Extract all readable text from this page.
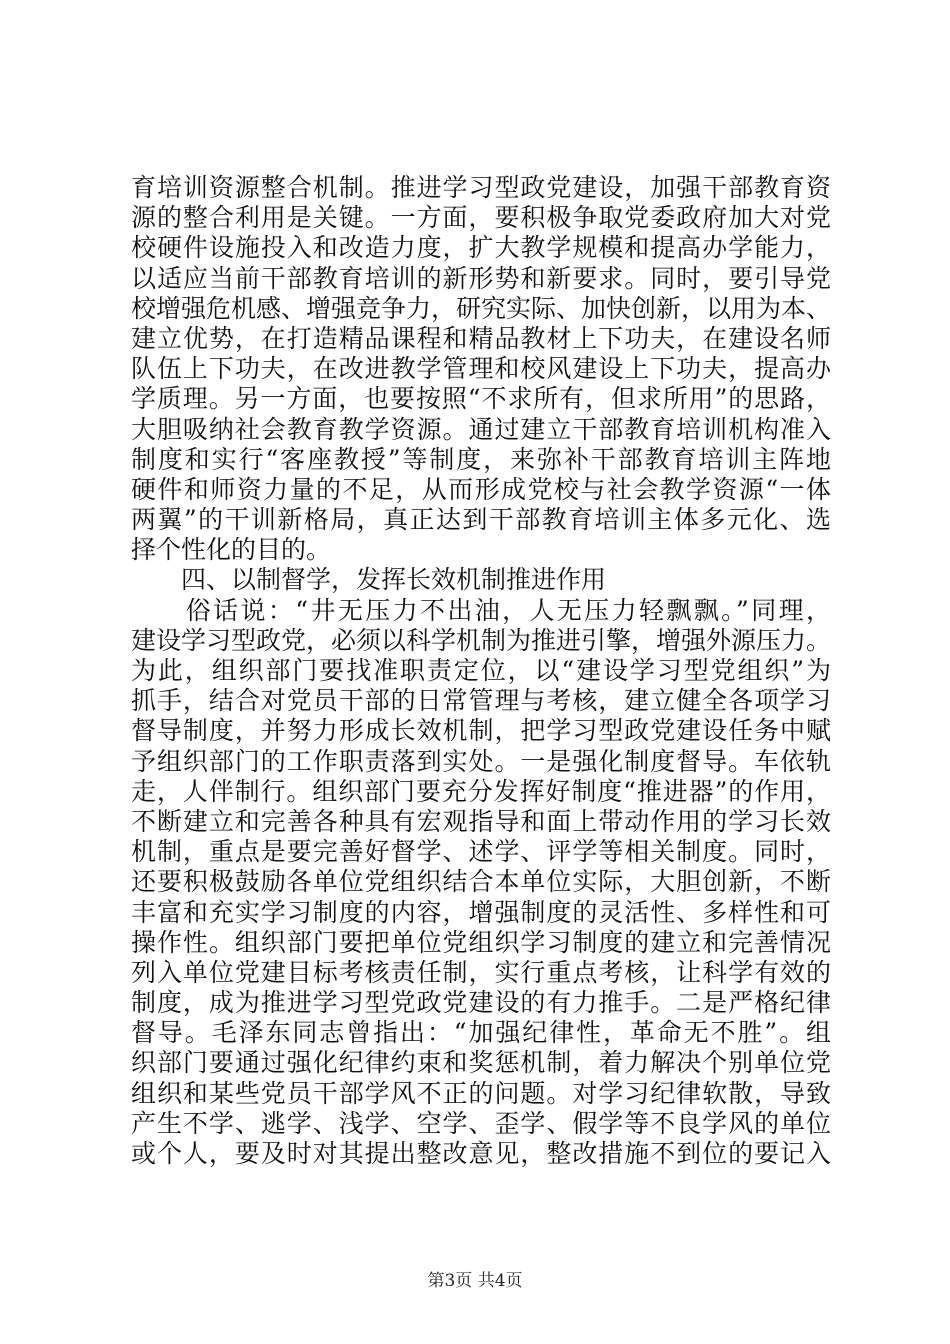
育培训资源整合机制。推进学习型政党建设，加强干部教育资
源的整合利用是关键。一方面，要积极争取党委政府加大对党
校硬件设施投入和改造力度，扩大教学规模和提高办学能力，
以适应当前干部教育培训的新形势和新要求。同时，要引导党
校增强危机感、增强竞争力，研究实际、加快创新，以用为本、
建立优势，在打造精品课程和精品教材上下功夫，在建设名师
队伍上下功夫，在改进教学管理和校风建设上下功夫，提高办
学质理。另一方面，也要按照“不求所有，但求所用”的思路，
大胆吸纳社会教育教学资源。通过建立干部教育培训机构准入
制度和实行“客座教授”等制度，来弥补干部教育培训主阵地
硬件和师资力量的不足，从而形成党校与社会教学资源“一体
两翼”的干训新格局，真正达到干部教育培训主体多元化、选
择个性化的目的。
　　四、以制督学，发挥长效机制推进作用
　　俗话说：“井无压力不出油，人无压力轻飘飘。”同理，
建设学习型政党，必须以科学机制为推进引擎，增强外源压力。
为此，组织部门要找准职责定位，以“建设学习型党组织”为
抓手，结合对党员干部的日常管理与考核，建立健全各项学习
督导制度，并努力形成长效机制，把学习型政党建设任务中赋
予组织部门的工作职责落到实处。一是强化制度督导。车依轨
走，人伴制行。组织部门要充分发挥好制度“推进器”的作用，
不断建立和完善各种具有宏观指导和面上带动作用的学习长效
机制，重点是要完善好督学、述学、评学等相关制度。同时，
还要积极鼓励各单位党组织结合本单位实际，大胆创新，不断
丰富和充实学习制度的内容，增强制度的灵活性、多样性和可
操作性。组织部门要把单位党组织学习制度的建立和完善情况
列入单位党建目标考核责任制，实行重点考核，让科学有效的
制度，成为推进学习型党政党建设的有力推手。二是严格纪律
督导。毛泽东同志曾指出：“加强纪律性，革命无不胜”。组
织部门要通过强化纪律约束和奖惩机制，着力解决个别单位党
组织和某些党员干部学风不正的问题。对学习纪律软散，导致
产生不学、逃学、浅学、空学、歪学、假学等不良学风的单位
或个人，要及时对其提出整改意见，整改措施不到位的要记入
第3页 共4页
